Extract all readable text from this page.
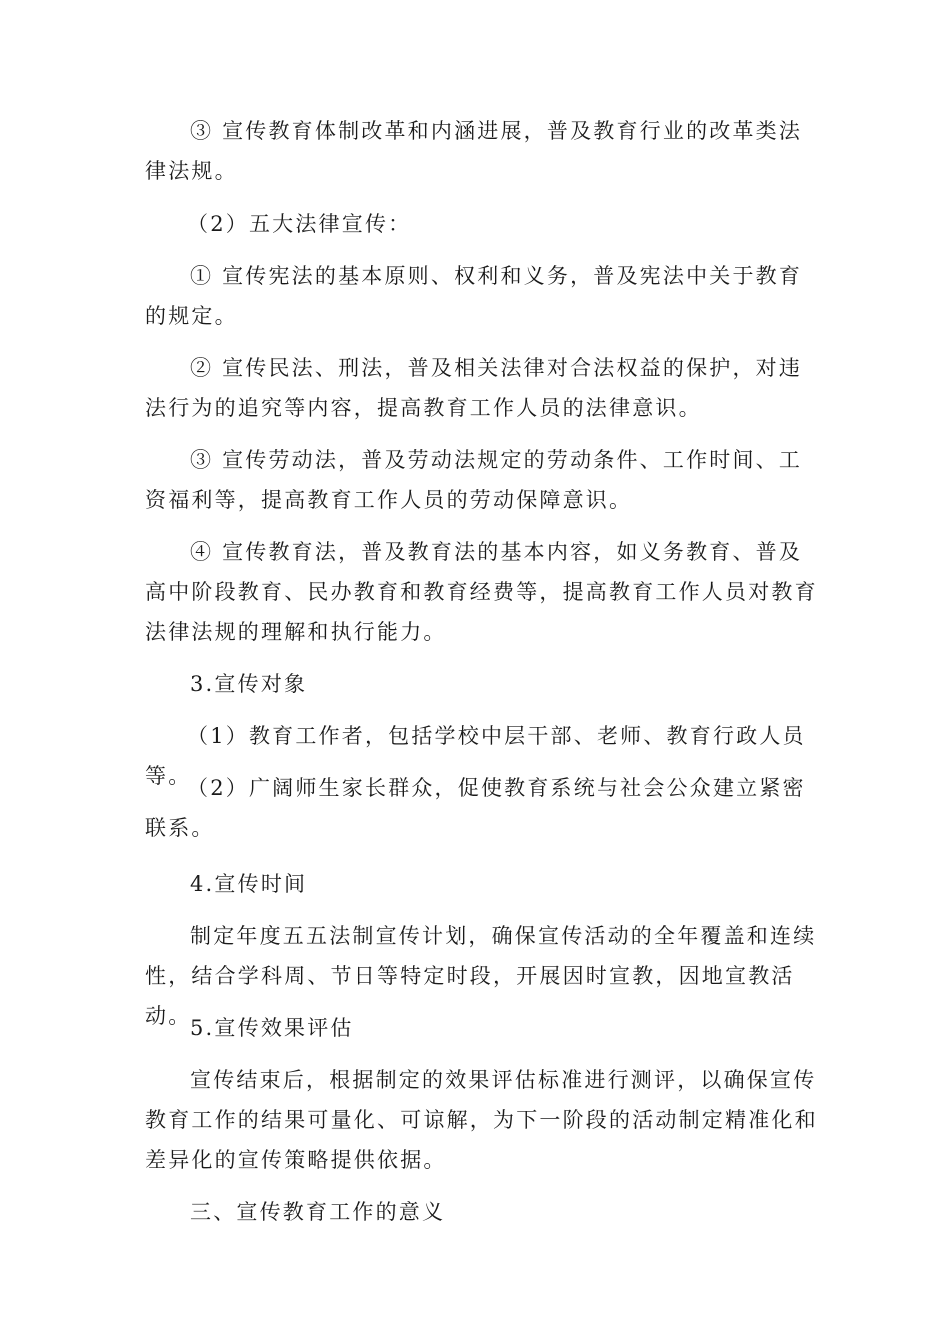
③ 宣传教育体制改革和内涵进展，普及教育行业的改革类法律法规。

（2）五大法律宣传：

① 宣传宪法的基本原则、权利和义务，普及宪法中关于教育的规定。

② 宣传民法、刑法，普及相关法律对合法权益的保护，对违法行为的追究等内容，提高教育工作人员的法律意识。

③ 宣传劳动法，普及劳动法规定的劳动条件、工作时间、工资福利等，提高教育工作人员的劳动保障意识。

④ 宣传教育法，普及教育法的基本内容，如义务教育、普及高中阶段教育、民办教育和教育经费等，提高教育工作人员对教育法律法规的理解和执行能力。

3.宣传对象

（1）教育工作者，包括学校中层干部、老师、教育行政人员等。

（2）广阔师生家长群众，促使教育系统与社会公众建立紧密联系。

4.宣传时间

制定年度五五法制宣传计划，确保宣传活动的全年覆盖和连续性，结合学科周、节日等特定时段，开展因时宣教，因地宣教活动。

5.宣传效果评估

宣传结束后，根据制定的效果评估标准进行测评，以确保宣传教育工作的结果可量化、可谅解，为下一阶段的活动制定精准化和差异化的宣传策略提供依据。

三、宣传教育工作的意义
